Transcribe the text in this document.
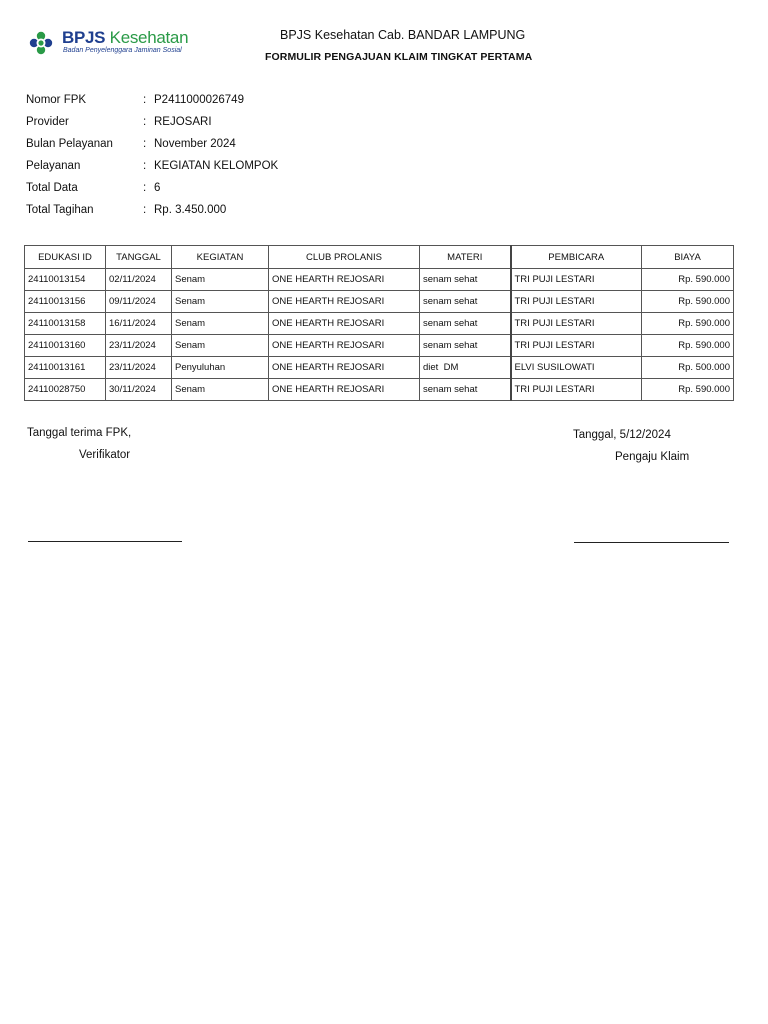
BPJS Kesehatan
Badan Penyelenggara Jaminan Sosial
BPJS Kesehatan Cab. BANDAR LAMPUNG
FORMULIR PENGAJUAN KLAIM TINGKAT PERTAMA
Nomor FPK	: P2411000026749
Provider	: REJOSARI
Bulan Pelayanan	: November 2024
Pelayanan	: KEGIATAN KELOMPOK
Total Data	: 6
Total Tagihan	: Rp. 3.450.000
EDUKASI ID	TANGGAL	KEGIATAN	CLUB PROLANIS	MATERI	PEMBICARA	BIAYA
24110013154	02/11/2024	Senam	ONE HEARTH REJOSARI	senam sehat	TRI PUJI LESTARI	Rp. 590.000
24110013156	09/11/2024	Senam	ONE HEARTH REJOSARI	senam sehat	TRI PUJI LESTARI	Rp. 590.000
24110013158	16/11/2024	Senam	ONE HEARTH REJOSARI	senam sehat	TRI PUJI LESTARI	Rp. 590.000
24110013160	23/11/2024	Senam	ONE HEARTH REJOSARI	senam sehat	TRI PUJI LESTARI	Rp. 590.000
24110013161	23/11/2024	Penyuluhan	ONE HEARTH REJOSARI	diet  DM	ELVI SUSILOWATI	Rp. 500.000
24110028750	30/11/2024	Senam	ONE HEARTH REJOSARI	senam sehat	TRI PUJI LESTARI	Rp. 590.000
Tanggal terima FPK,
Verifikator
Tanggal, 5/12/2024
Pengaju Klaim
